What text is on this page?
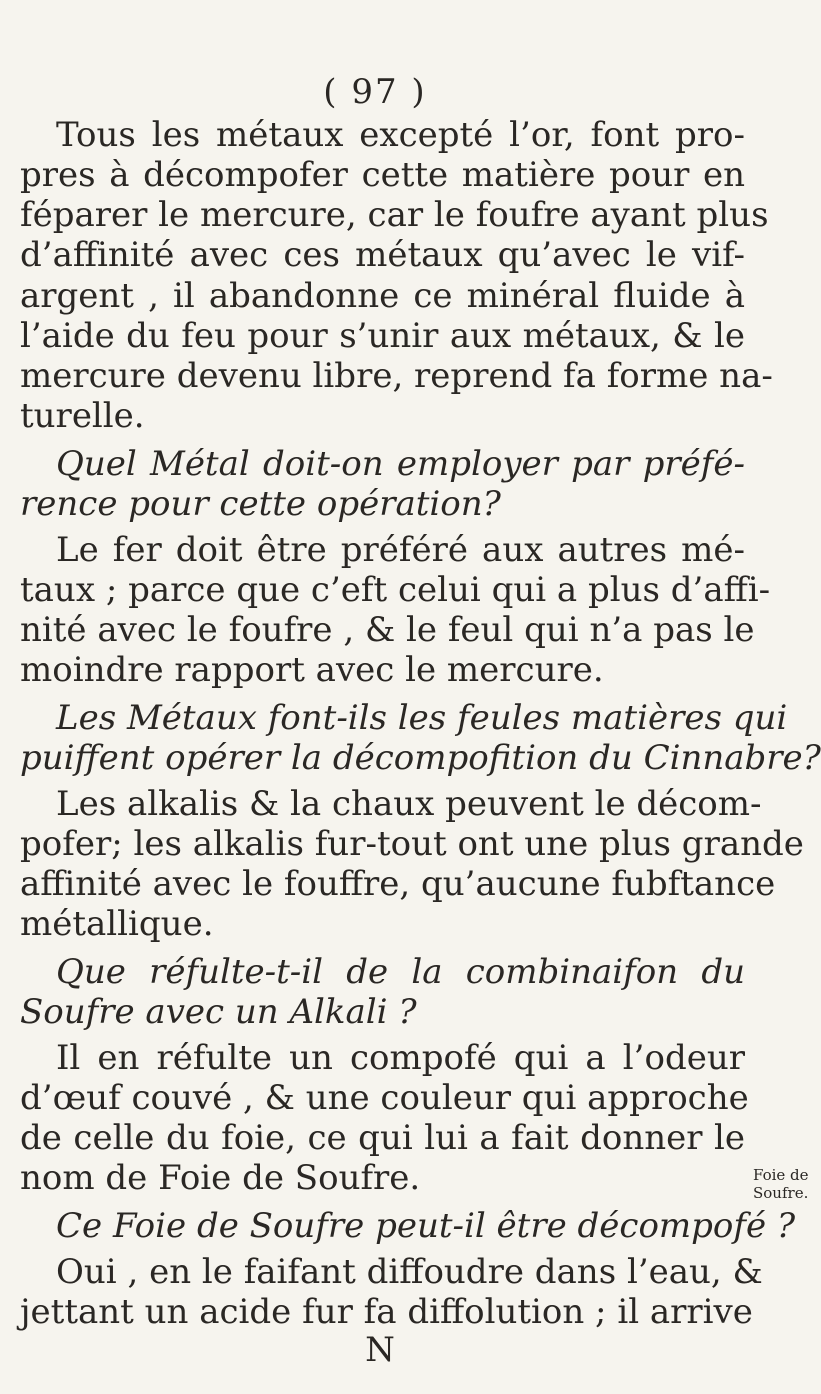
( 97 )
Tous les métaux excepté l’or, font pro-
pres à décompofer cette matière pour en
féparer le mercure, car le foufre ayant plus
d’affinité avec ces métaux qu’avec le vif-
argent , il abandonne ce minéral fluide à
l’aide du feu pour s’unir aux métaux, & le
mercure devenu libre, reprend fa forme na-
turelle.
Quel Métal doit-on employer par préfé-
rence pour cette opération?
Le fer doit être préféré aux autres mé-
taux ; parce que c’eft celui qui a plus d’affi-
nité avec le foufre , & le feul qui n’a pas le
moindre rapport avec le mercure.
Les Métaux font-ils les feules matières qui
puiffent opérer la décompofition du Cinnabre?
Les alkalis & la chaux peuvent le décom-
pofer; les alkalis fur-tout ont une plus grande
affinité avec le fouffre, qu’aucune fubftance
métallique.
Que réfulte-t-il de la combinaifon du
Soufre avec un Alkali ?
Il en réfulte un compofé qui a l’odeur
d’œuf couvé , & une couleur qui approche
de celle du foie, ce qui lui a fait donner le
nom de Foie de Soufre.
Ce Foie de Soufre peut-il être décompofé ?
Oui , en le faifant diffoudre dans l’eau, &
jettant un acide fur fa diffolution ; il arrive
Foie de
Soufre.
N
